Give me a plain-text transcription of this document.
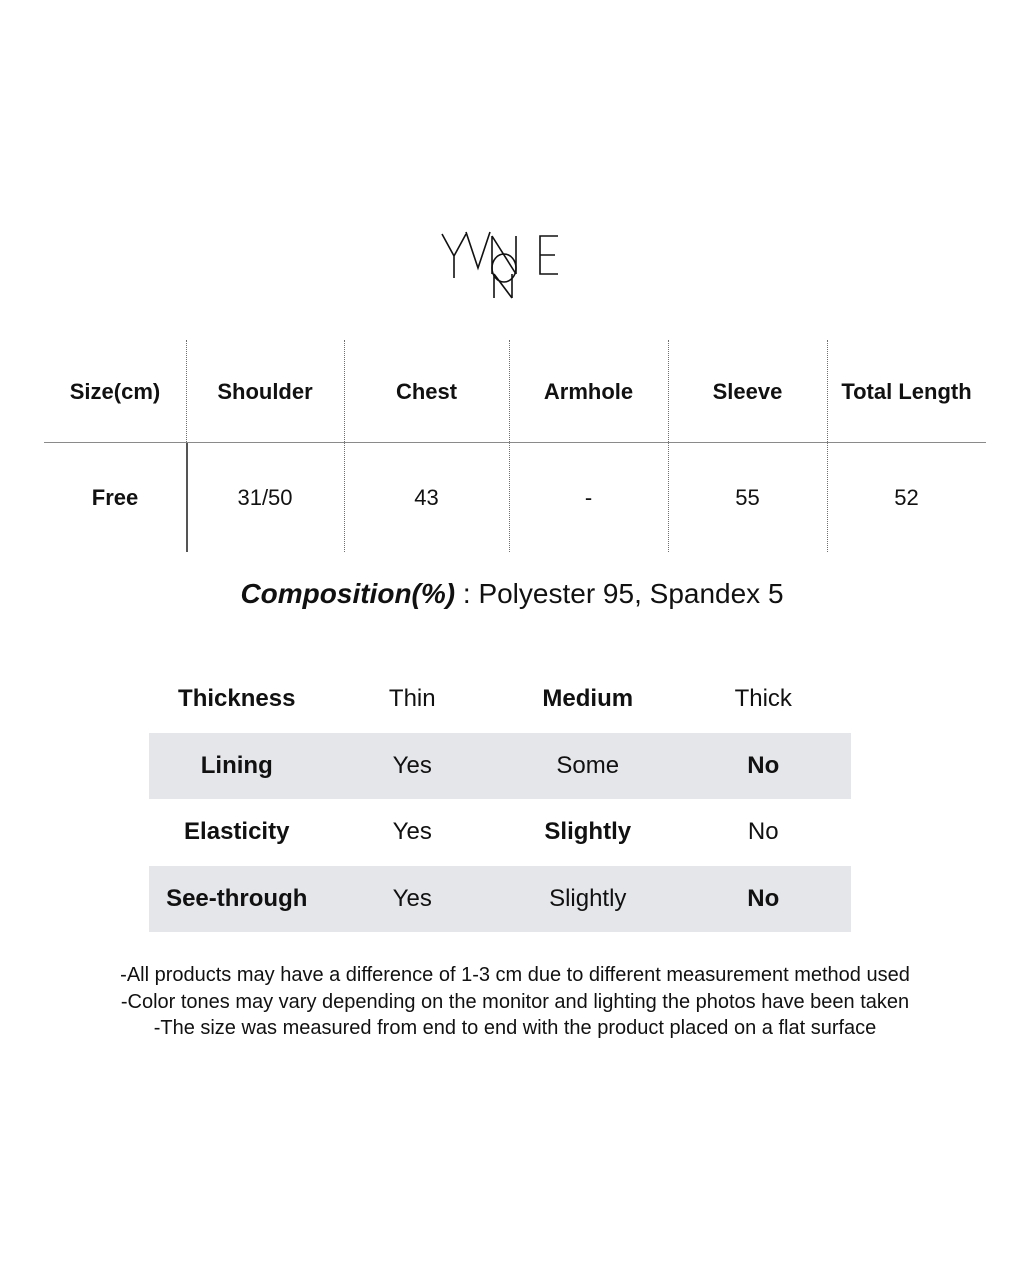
Size(cm)	Shoulder	Chest	Armhole	Sleeve	Total Length
Free	31/50	43	-	55	52
Composition(%) : Polyester 95, Spandex 5
Thickness	Thin	Medium	Thick
Lining	Yes	Some	No
Elasticity	Yes	Slightly	No
See-through	Yes	Slightly	No
-All products may have a difference of 1-3 cm due to different measurement method used
-Color tones may vary depending on the monitor and lighting the photos have been taken
-The size was measured from end to end with the product placed on a flat surface
